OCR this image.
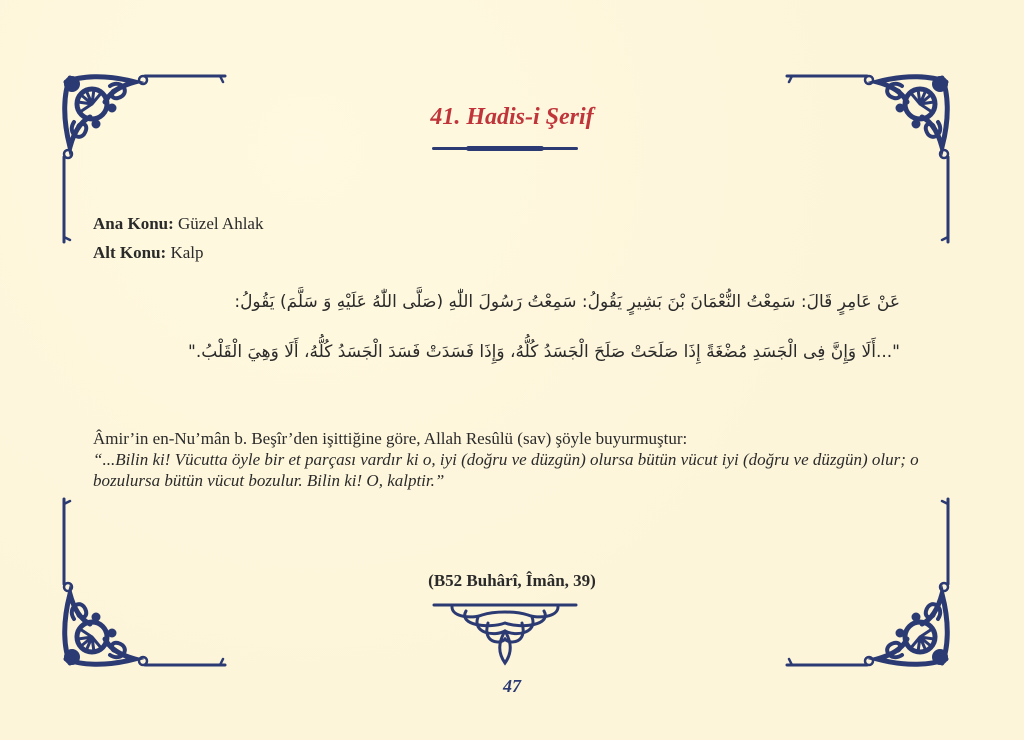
41. Hadis-i Şerif
Ana Konu: Güzel Ahlak
Alt Konu: Kalp
عَنْ عَامِرٍ قَالَ: سَمِعْتُ النُّعْمَانَ بْنَ بَشِيرٍ يَقُولُ: سَمِعْتُ رَسُولَ اللّٰهِ (صَلَّى اللّٰهُ عَلَيْهِ وَ سَلَّمَ) يَقُولُ:
"...أَلَا وَإِنَّ فِى الْجَسَدِ مُضْغَةً إِذَا صَلَحَتْ صَلَحَ الْجَسَدُ كُلُّهُ، وَإِذَا فَسَدَتْ فَسَدَ الْجَسَدُ كُلُّهُ، أَلَا وَهِيَ الْقَلْبُ."
Âmir’in en-Nu’mân b. Beşîr’den işittiğine göre, Allah Resûlü (sav) şöyle buyurmuştur:
“...Bilin ki! Vücutta öyle bir et parçası vardır ki o, iyi (doğru ve düzgün) olursa bütün vücut iyi (doğru ve düzgün) olur; o bozulursa bütün vücut bozulur. Bilin ki! O, kalptir.”
(B52 Buhârî, Îmân, 39)
47
